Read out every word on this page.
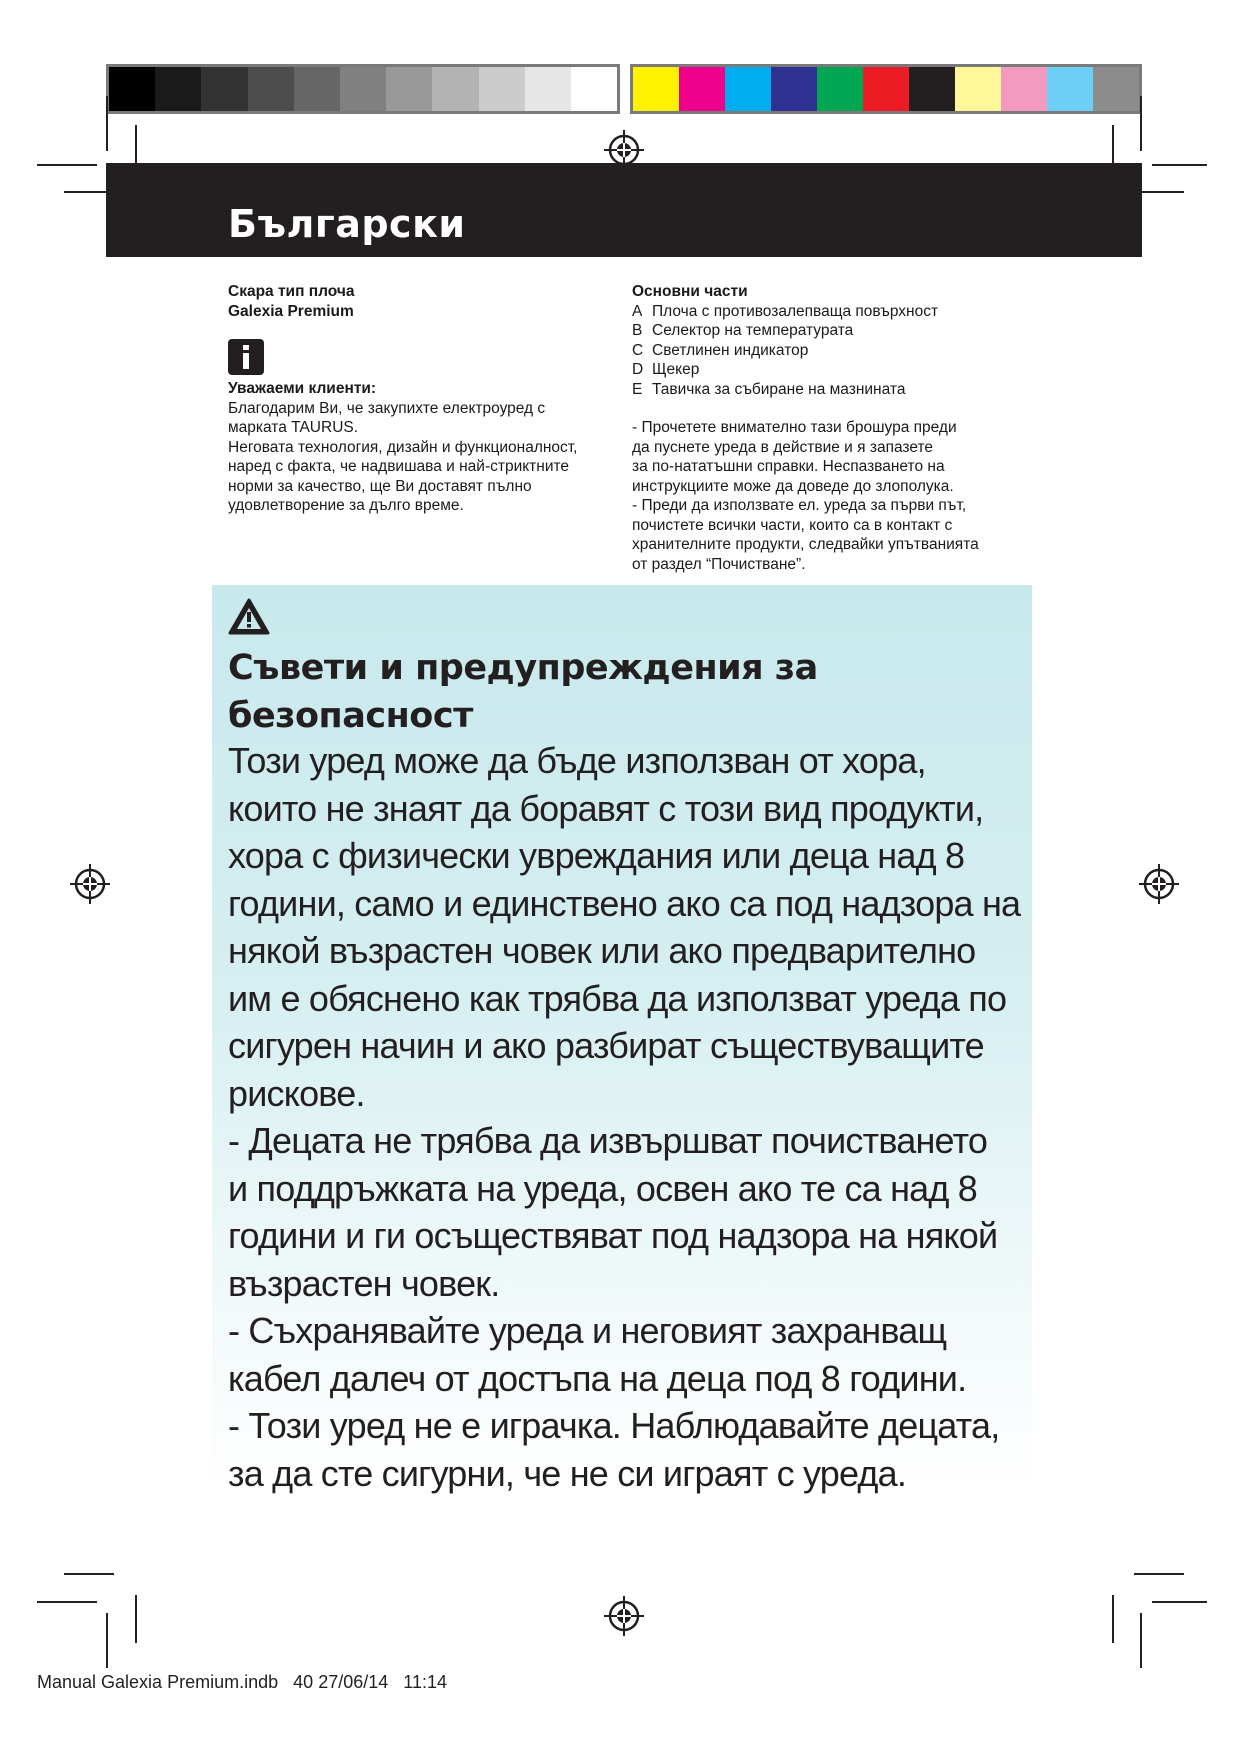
Български
Скара тип плоча
Galexia Premium
Уважаеми клиенти:
Благодарим Ви, че закупихте електроуред с
марката TAURUS.
Неговата технология, дизайн и функционалност,
наред с факта, че надвишава и най-стриктните
норми за качество, ще Ви доставят пълно
удовлетворение за дълго време.
Основни части
A Плоча с противозалепваща повърхност
B Селектор на температурата
C Светлинен индикатор
D Щекер
E Тавичка за събиране на мазнината
- Прочетете внимателно тази брошура преди
да пуснете уреда в действие и я запазете
за по-нататъшни справки. Неспазването на
инструкциите може да доведе до злополука.
- Преди да използвате ел. уреда за първи път,
почистете всички части, които са в контакт с
хранителните продукти, следвайки упътванията
от раздел “Почистване”.
Съвети и предупреждения за
безопасност

Този уред може да бъде използван от хора,

които не знаят да боравят с този вид продукти,

хора с физически увреждания или деца над 8

години, само и единствено ако са под надзора на

някой възрастен човек или ако предварително

им е обяснено как трябва да използват уреда по

сигурен начин и ако разбират съществуващите

рискове.

- Децата не трябва да извършват почистването

и поддръжката на уреда, освен ако те са над 8

години и ги осъществяват под надзора на някой

възрастен човек.

- Съхранявайте уреда и неговият захранващ

кабел далеч от достъпа на деца под 8 години.

- Този уред не е играчка. Наблюдавайте децата,

за да сте сигурни, че не си играят с уреда.

Manual Galexia Premium.indb 40 27/06/14 11:14
